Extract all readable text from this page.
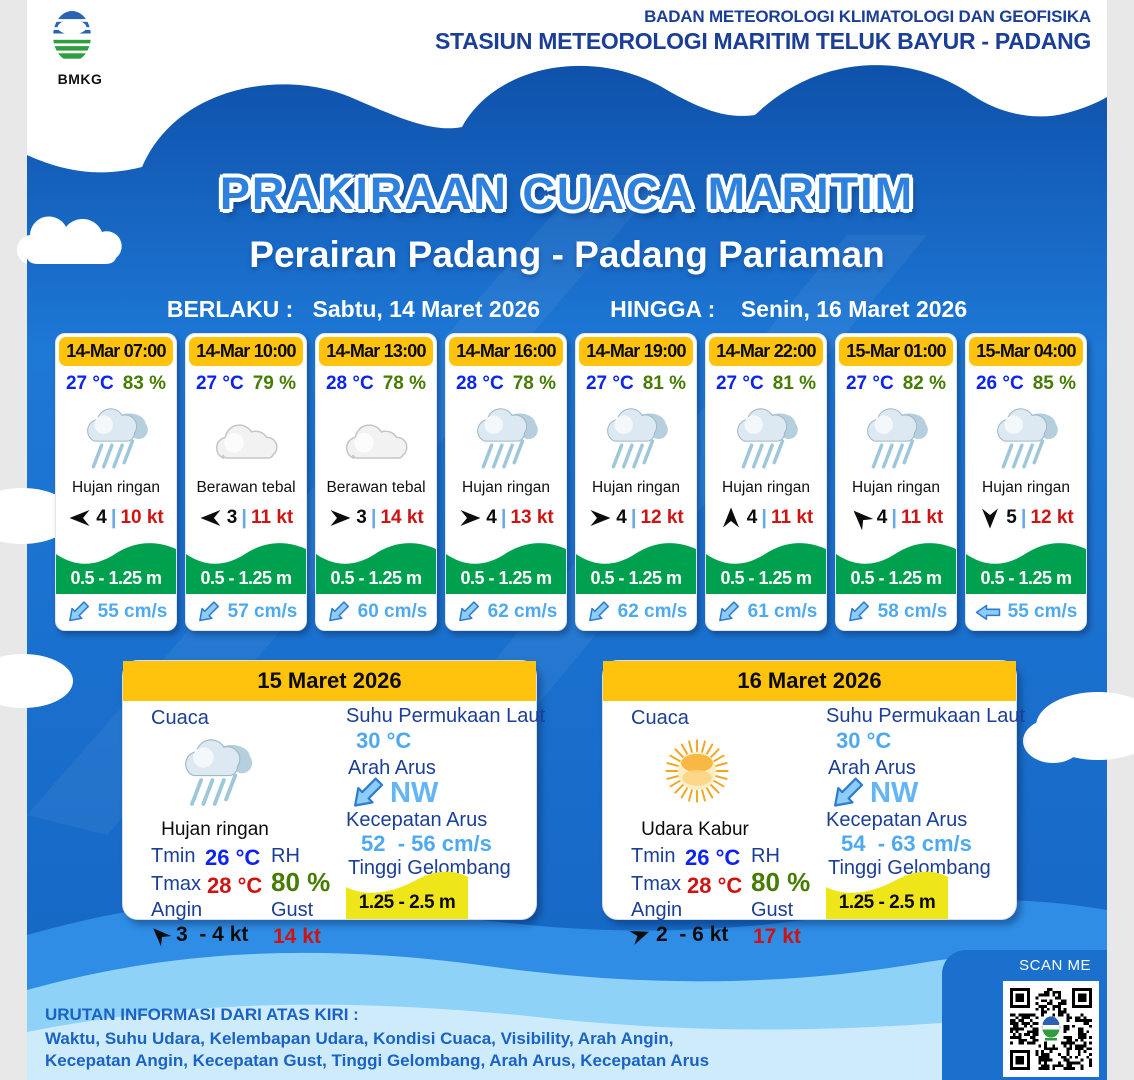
BMKG
BADAN METEOROLOGI KLIMATOLOGI DAN GEOFISIKA
STASIUN METEOROLOGI MARITIM TELUK BAYUR - PADANG
PRAKIRAAN CUACA MARITIM
Perairan Padang - Padang Pariaman
BERLAKU : Sabtu, 14 Maret 2026	HINGGA : Senin, 16 Maret 2026
14-Mar 07:00
27 °C 83 %
Hujan ringan
4 | 10 kt
0.5 - 1.25 m
55 cm/s
14-Mar 10:00
27 °C 79 %
Berawan tebal
3 | 11 kt
0.5 - 1.25 m
57 cm/s
14-Mar 13:00
28 °C 78 %
Berawan tebal
3 | 14 kt
0.5 - 1.25 m
60 cm/s
14-Mar 16:00
28 °C 78 %
Hujan ringan
4 | 13 kt
0.5 - 1.25 m
62 cm/s
14-Mar 19:00
27 °C 81 %
Hujan ringan
4 | 12 kt
0.5 - 1.25 m
62 cm/s
14-Mar 22:00
27 °C 81 %
Hujan ringan
4 | 11 kt
0.5 - 1.25 m
61 cm/s
15-Mar 01:00
27 °C 82 %
Hujan ringan
4 | 11 kt
0.5 - 1.25 m
58 cm/s
15-Mar 04:00
26 °C 85 %
Hujan ringan
5 | 12 kt
0.5 - 1.25 m
55 cm/s
15 Maret 2026
Cuaca
Hujan ringan
Tmin 26 °C
Tmax 28 °C
Angin
3  - 4 kt
RH
80 %
Gust
14 kt
Suhu Permukaan Laut
30 °C
Arah Arus
NW
Kecepatan Arus
52  - 56 cm/s
Tinggi Gelombang
1.25 - 2.5 m
16 Maret 2026
Cuaca
Udara Kabur
Tmin 26 °C
Tmax 28 °C
Angin
2  - 6 kt
RH
80 %
Gust
17 kt
Suhu Permukaan Laut
30 °C
Arah Arus
NW
Kecepatan Arus
54  - 63 cm/s
Tinggi Gelombang
1.25 - 2.5 m
URUTAN INFORMASI DARI ATAS KIRI :
Waktu, Suhu Udara, Kelembapan Udara, Kondisi Cuaca, Visibility, Arah Angin,
Kecepatan Angin, Kecepatan Gust, Tinggi Gelombang, Arah Arus, Kecepatan Arus
SCAN ME
